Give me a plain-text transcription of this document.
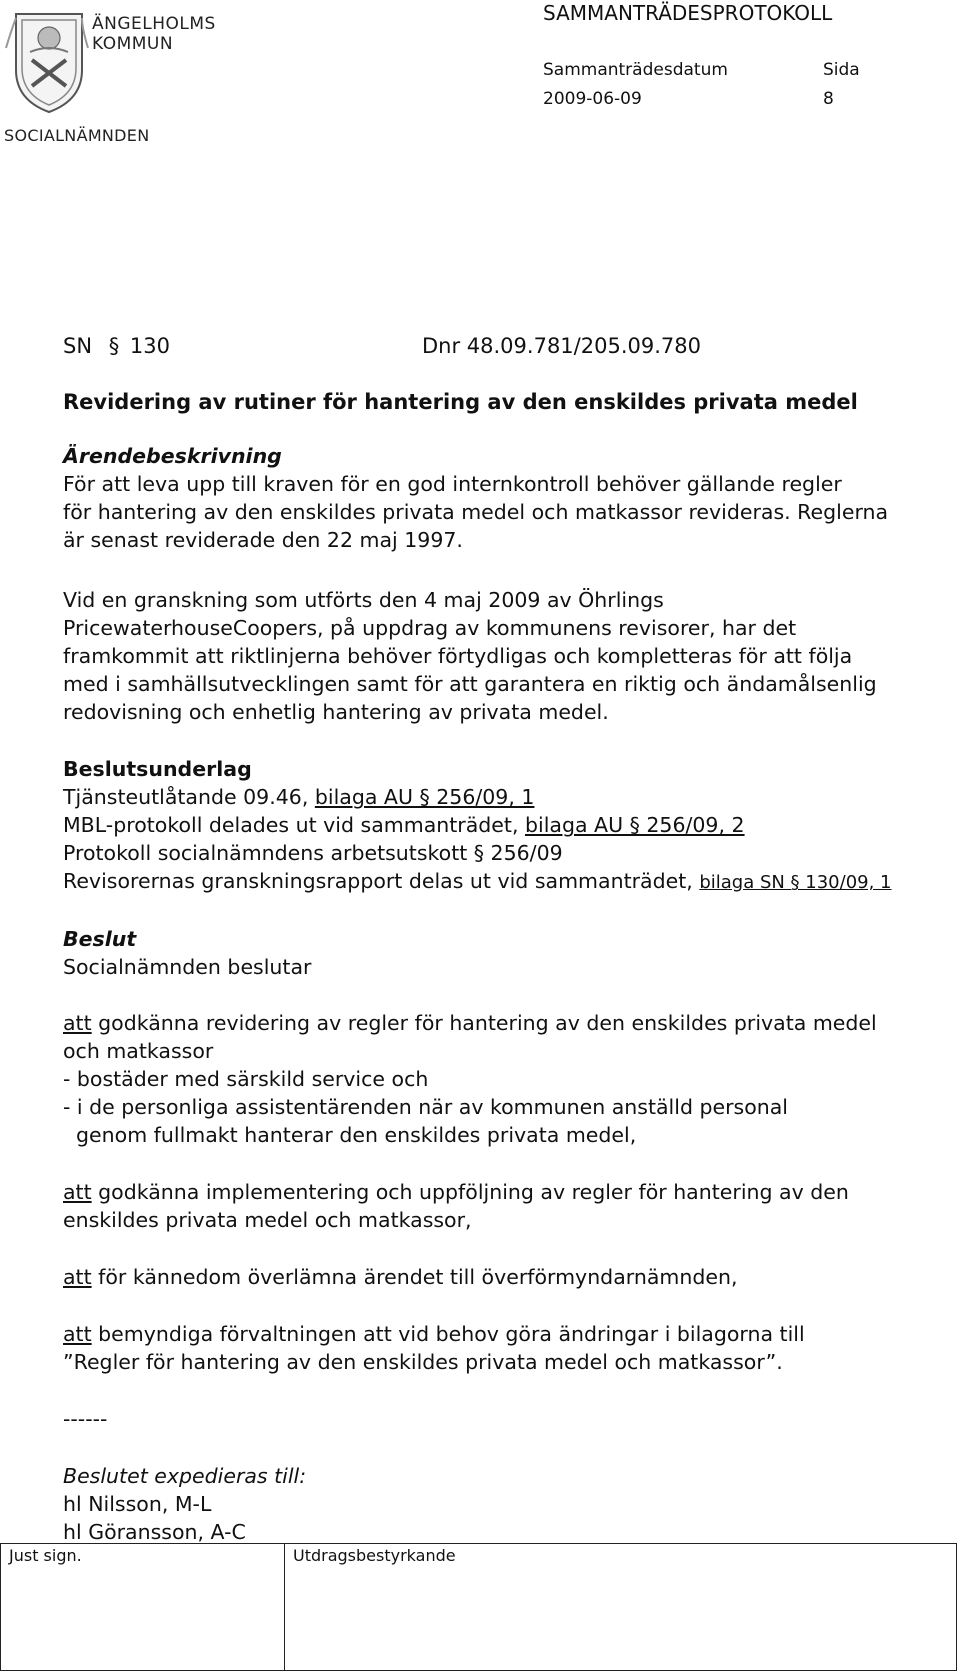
ÄNGELHOLMS
KOMMUN
SOCIALNÄMNDEN
SAMMANTRÄDESPROTOKOLL
Sammanträdesdatum	Sida
2009-06-09	8
SN § 130	Dnr 48.09.781/205.09.780
Revidering av rutiner för hantering av den enskildes privata medel
Ärendebeskrivning
För att leva upp till kraven för en god internkontroll behöver gällande regler
för hantering av den enskildes privata medel och matkassor revideras. Reglerna
är senast reviderade den 22 maj 1997.
Vid en granskning som utförts den 4 maj 2009 av Öhrlings
PricewaterhouseCoopers, på uppdrag av kommunens revisorer, har det
framkommit att riktlinjerna behöver förtydligas och kompletteras för att följa
med i samhällsutvecklingen samt för att garantera en riktig och ändamålsenlig
redovisning och enhetlig hantering av privata medel.
Beslutsunderlag
Tjänsteutlåtande 09.46, bilaga AU § 256/09, 1
MBL-protokoll delades ut vid sammanträdet, bilaga AU § 256/09, 2
Protokoll socialnämndens arbetsutskott § 256/09
Revisorernas granskningsrapport delas ut vid sammanträdet, bilaga SN § 130/09, 1
Beslut
Socialnämnden beslutar
att godkänna revidering av regler för hantering av den enskildes privata medel
och matkassor
- bostäder med särskild service och
- i de personliga assistentärenden när av kommunen anställd personal
genom fullmakt hanterar den enskildes privata medel,
att godkänna implementering och uppföljning av regler för hantering av den
enskildes privata medel och matkassor,
att för kännedom överlämna ärendet till överförmyndarnämnden,
att bemyndiga förvaltningen att vid behov göra ändringar i bilagorna till
”Regler för hantering av den enskildes privata medel och matkassor”.
------
Beslutet expedieras till:
hl Nilsson, M-L
hl Göransson, A-C
Just sign.	Utdragsbestyrkande
